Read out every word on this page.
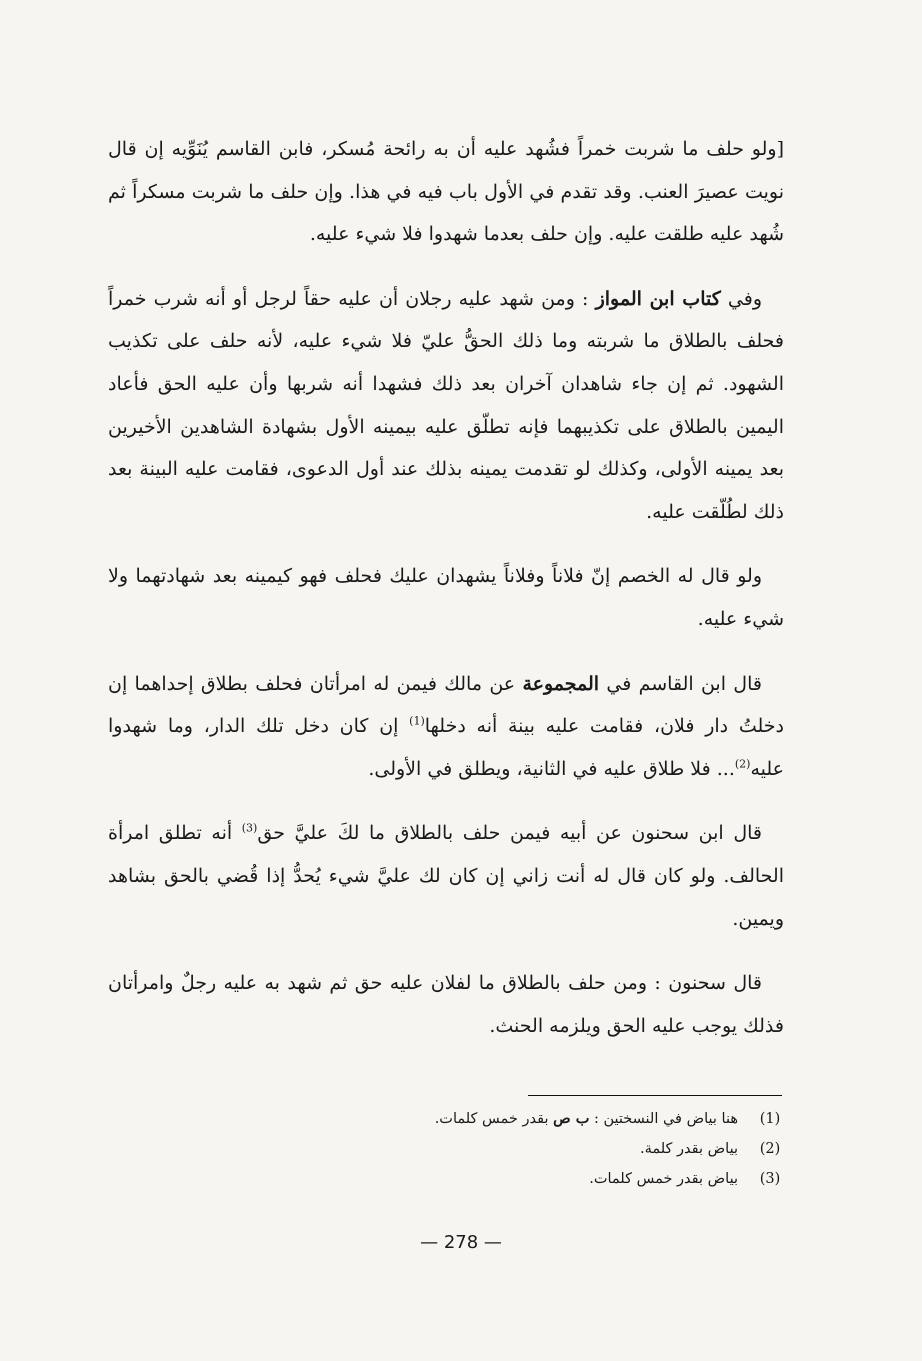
[ولو حلف ما شربت خمراً فشُهد عليه أن به رائحة مُسكر، فابن القاسم يُنَوِّيه إن قال نويت عصيرَ العنب. وقد تقدم في الأول باب فيه في هذا. وإن حلف ما شربت مسكراً ثم شُهد عليه طلقت عليه. وإن حلف بعدما شهدوا فلا شيء عليه.

وفي كتاب ابن المواز : ومن شهد عليه رجلان أن عليه حقاً لرجل أو أنه شرب خمراً فحلف بالطلاق ما شربته وما ذلك الحقُّ عليّ فلا شيء عليه، لأنه حلف على تكذيب الشهود. ثم إن جاء شاهدان آخران بعد ذلك فشهدا أنه شربها وأن عليه الحق فأعاد اليمين بالطلاق على تكذيبهما فإنه تطلّق عليه بيمينه الأول بشهادة الشاهدين الأخيرين بعد يمينه الأولى، وكذلك لو تقدمت يمينه بذلك عند أول الدعوى، فقامت عليه البينة بعد ذلك لطُلّقت عليه.

ولو قال له الخصم إنّ فلاناً وفلاناً يشهدان عليك فحلف فهو كيمينه بعد شهادتهما ولا شيء عليه.

قال ابن القاسم في المجموعة عن مالك فيمن له امرأتان فحلف بطلاق إحداهما إن دخلتُ دار فلان، فقامت عليه بينة أنه دخلها$^{(1)}$ إن كان دخل تلك الدار، وما شهدوا عليه$^{(2)}$... فلا طلاق عليه في الثانية، ويطلق في الأولى.

قال ابن سحنون عن أبيه فيمن حلف بالطلاق ما لكَ عليَّ حق$^{(3)}$ أنه تطلق امرأة الحالف. ولو كان قال له أنت زاني إن كان لك عليَّ شيء يُحدُّ إذا قُضي بالحق بشاهد ويمين.

قال سحنون : ومن حلف بالطلاق ما لفلان عليه حق ثم شهد به عليه رجلٌ وامرأتان فذلك يوجب عليه الحق ويلزمه الحنث.

(1)هنا بياض في النسختين : ب ص بقدر خمس كلمات.
(2)بياض بقدر كلمة.
(3)بياض بقدر خمس كلمات.
— 278 —
